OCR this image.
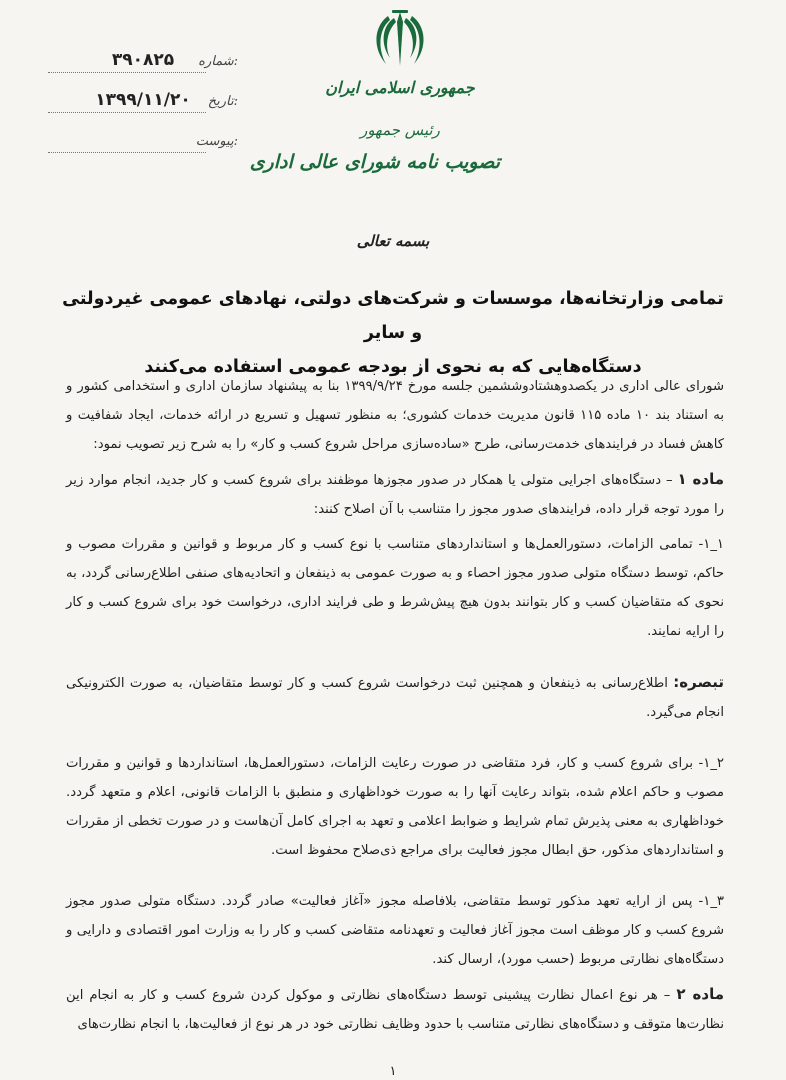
شماره:
۳۹۰۸۲۵
تاریخ:
۱۳۹۹/۱۱/۲۰
پیوست:
جمهوری اسلامی ایران
رئیس جمهور
تصویب نامه شورای عالی اداری
بسمه تعالی
تمامی وزارتخانه‌ها، موسسات و شرکت‌های دولتی، نهادهای عمومی غیردولتی و سایر
دستگاه‌هایی که به نحوی از بودجه عمومی استفاده می‌کنند

شورای عالی اداری در یکصدوهشتادوششمین جلسه مورخ ۱۳۹۹/۹/۲۴ بنا به پیشنهاد سازمان اداری و استخدامی کشور و به استناد بند ۱۰ ماده ۱۱۵ قانون مدیریت خدمات کشوری؛ به منظور تسهیل و تسریع در ارائه خدمات، ایجاد شفافیت و کاهش فساد در فرایندهای خدمت‌رسانی، طرح «ساده‌سازی مراحل شروع کسب و کار» را به شرح زیر تصویب نمود:

ماده ۱ – دستگاه‌های اجرایی متولی یا همکار در صدور مجوزها موظفند برای شروع کسب و کار جدید، انجام موارد زیر را مورد توجه قرار داده، فرایندهای صدور مجوز را متناسب با آن اصلاح کنند:

۱_۱- تمامی الزامات، دستورالعمل‌ها و استانداردهای متناسب با نوع کسب و کار مربوط و قوانین و مقررات مصوب و حاکم، توسط دستگاه متولی صدور مجوز احصاء و به صورت عمومی به ذینفعان و اتحادیه‌های صنفی اطلاع‌رسانی گردد، به نحوی که متقاضیان کسب و کار بتوانند بدون هیچ پیش‌شرط و طی فرایند اداری، درخواست خود برای شروع کسب و کار را ارایه نمایند.

تبصره: اطلاع‌رسانی به ذینفعان و همچنین ثبت درخواست شروع کسب و کار توسط متقاضیان، به صورت الکترونیکی انجام می‌گیرد.

۲_۱- برای شروع کسب و کار، فرد متقاضی در صورت رعایت الزامات، دستورالعمل‌ها، استانداردها و قوانین و مقررات مصوب و حاکم اعلام شده، بتواند رعایت آنها را به صورت خوداظهاری و منطبق با الزامات قانونی، اعلام و متعهد گردد. خوداظهاری به معنی پذیرش تمام شرایط و ضوابط اعلامی و تعهد به اجرای کامل آن‌هاست و در صورت تخطی از مقررات و استانداردهای مذکور، حق ابطال مجوز فعالیت برای مراجع ذی‌صلاح محفوظ است.

۳_۱- پس از ارایه تعهد مذکور توسط متقاضی، بلافاصله مجوز «آغاز فعالیت» صادر گردد. دستگاه متولی صدور مجوز شروع کسب و کار موظف است مجوز آغاز فعالیت و تعهدنامه متقاضی کسب و کار را به وزارت امور اقتصادی و دارایی و دستگاه‌های نظارتی مربوط (حسب مورد)، ارسال کند.

ماده ۲ – هر نوع اعمال نظارت پیشینی توسط دستگاه‌های نظارتی و موکول کردن شروع کسب و کار به انجام این نظارت‌ها متوقف و دستگاه‌های نظارتی متناسب با حدود وظایف نظارتی خود در هر نوع از فعالیت‌ها، با انجام نظارت‌های

۱
